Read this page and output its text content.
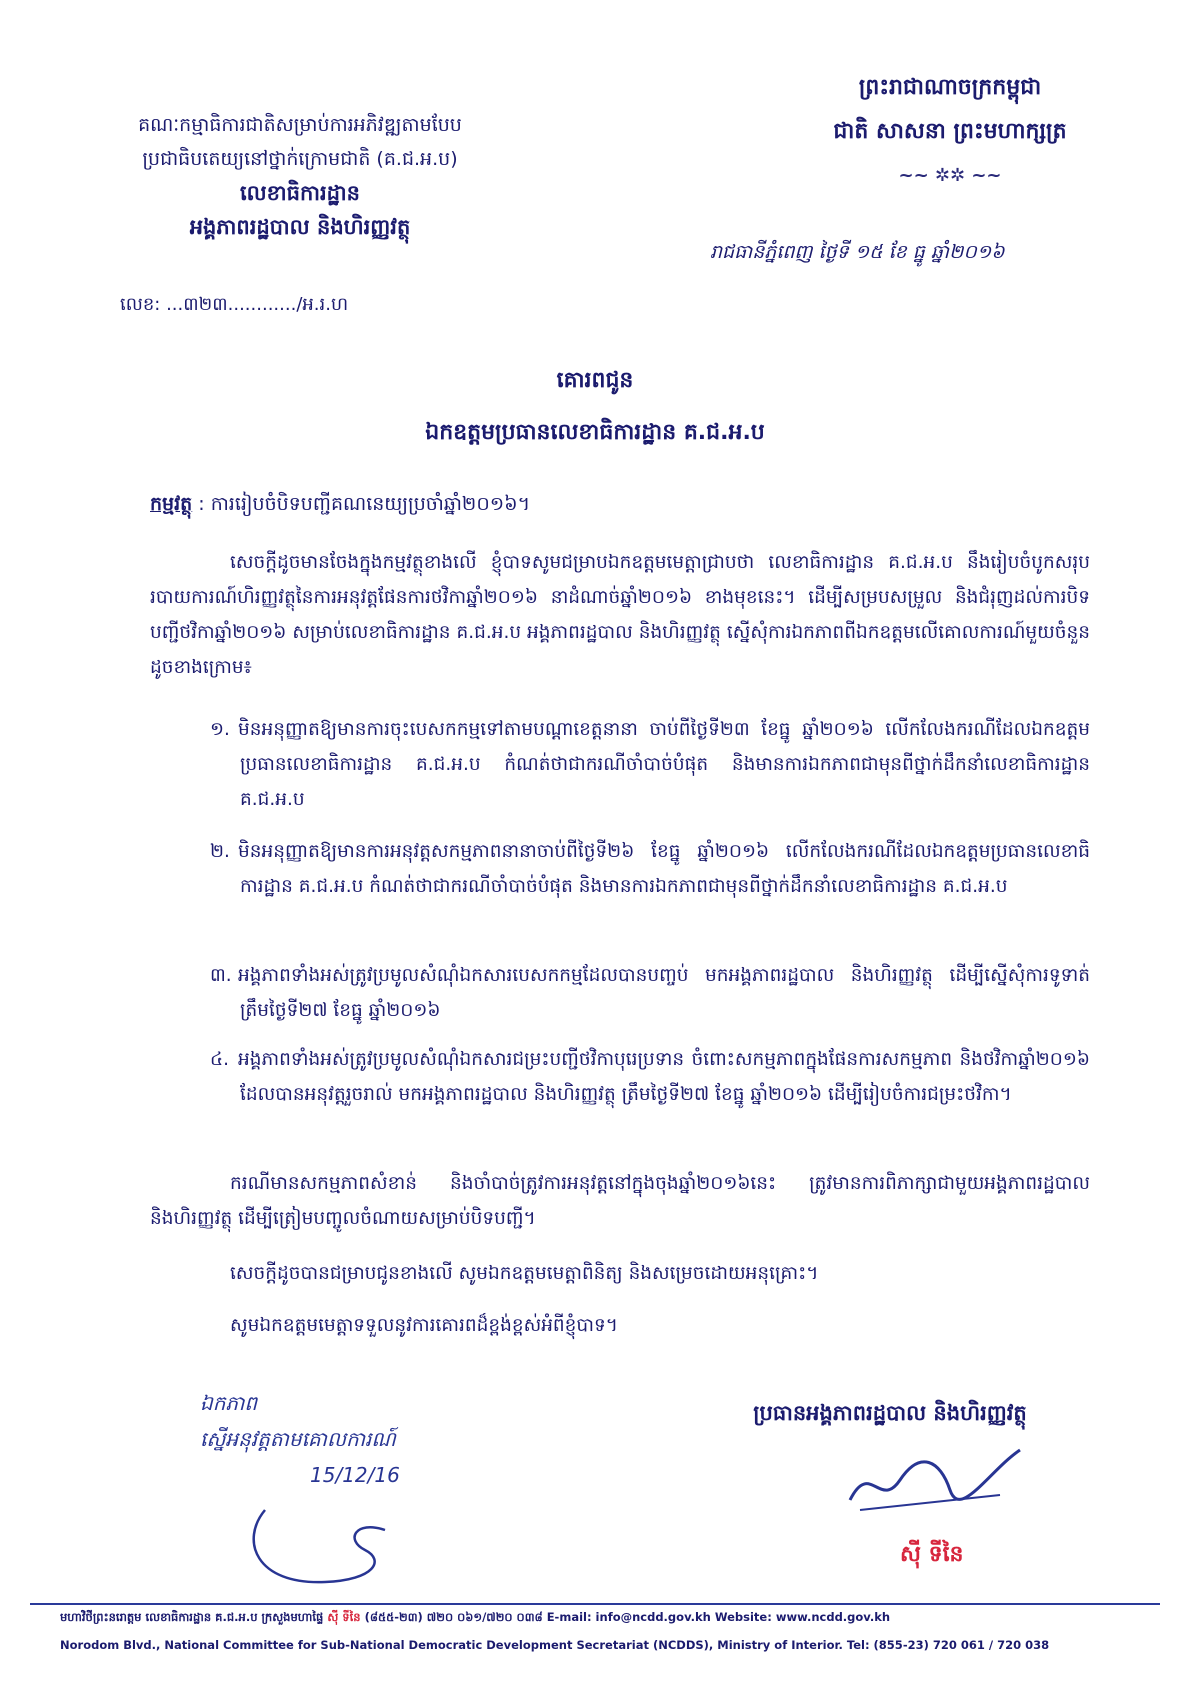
គណៈកម្មាធិការជាតិសម្រាប់ការអភិវឌ្ឍតាមបែប
ប្រជាធិបតេយ្យនៅថ្នាក់ក្រោមជាតិ (គ.ជ.អ.ប)
លេខាធិការដ្ឋាន
អង្គភាពរដ្ឋបាល និងហិរញ្ញវត្ថុ
លេខ: ...៣២៣............/អ.រ.ហ
ព្រះរាជាណាចក្រកម្ពុជា
ជាតិ សាសនា ព្រះមហាក្សត្រ
~~ ✲✲ ~~
រាជធានីភ្នំពេញ ថ្ងៃទី ១៥ ខែ ធ្នូ ឆ្នាំ២០១៦
គោរពជូន
ឯកឧត្តមប្រធានលេខាធិការដ្ឋាន គ.ជ.អ.ប
កម្មវត្ថុ : ការរៀបចំបិទបញ្ជីគណនេយ្យប្រចាំឆ្នាំ២០១៦។
សេចក្តីដូចមានចែងក្នុងកម្មវត្ថុខាងលើ ខ្ញុំបាទសូមជម្រាបឯកឧត្តមមេត្តាជ្រាបថា លេខាធិការដ្ឋាន គ.ជ.អ.ប នឹងរៀបចំបូកសរុបរបាយការណ៍ហិរញ្ញវត្ថុនៃការអនុវត្តផែនការថវិកាឆ្នាំ២០១៦ នាដំណាច់ឆ្នាំ២០១៦ ខាងមុខនេះ។ ដើម្បីសម្របសម្រួល និងជំរុញដល់ការបិទបញ្ជីថវិកាឆ្នាំ២០១៦ សម្រាប់លេខាធិការដ្ឋាន គ.ជ.អ.ប អង្គភាពរដ្ឋបាល និងហិរញ្ញវត្ថុ ស្នើសុំការឯកភាពពីឯកឧត្តមលើគោលការណ៍មួយចំនួន ដូចខាងក្រោម៖
១. មិនអនុញ្ញាតឱ្យមានការចុះបេសកកម្មទៅតាមបណ្តាខេត្តនានា ចាប់ពីថ្ងៃទី២៣ ខែធ្នូ ឆ្នាំ២០១៦ លើកលែងករណីដែលឯកឧត្តមប្រធានលេខាធិការដ្ឋាន គ.ជ.អ.ប កំណត់ថាជាករណីចាំបាច់បំផុត និងមានការឯកភាពជាមុនពីថ្នាក់ដឹកនាំលេខាធិការដ្ឋាន គ.ជ.អ.ប
២. មិនអនុញ្ញាតឱ្យមានការអនុវត្តសកម្មភាពនានាចាប់ពីថ្ងៃទី២៦ ខែធ្នូ ឆ្នាំ២០១៦ លើកលែងករណីដែលឯកឧត្តមប្រធានលេខាធិការដ្ឋាន គ.ជ.អ.ប កំណត់ថាជាករណីចាំបាច់បំផុត និងមានការឯកភាពជាមុនពីថ្នាក់ដឹកនាំលេខាធិការដ្ឋាន គ.ជ.អ.ប
៣. អង្គភាពទាំងអស់ត្រូវប្រមូលសំណុំឯកសារបេសកកម្មដែលបានបញ្ចប់ មកអង្គភាពរដ្ឋបាល និងហិរញ្ញវត្ថុ ដើម្បីស្នើសុំការទូទាត់ ត្រឹមថ្ងៃទី២៧ ខែធ្នូ ឆ្នាំ២០១៦
៤. អង្គភាពទាំងអស់ត្រូវប្រមូលសំណុំឯកសារជម្រះបញ្ជីថវិកាបុរេប្រទាន ចំពោះសកម្មភាពក្នុងផែនការសកម្មភាព និងថវិកាឆ្នាំ២០១៦ ដែលបានអនុវត្តរួចរាល់ មកអង្គភាពរដ្ឋបាល និងហិរញ្ញវត្ថុ ត្រឹមថ្ងៃទី២៧ ខែធ្នូ ឆ្នាំ២០១៦ ដើម្បីរៀបចំការជម្រះថវិកា។
ករណីមានសកម្មភាពសំខាន់ និងចាំបាច់ត្រូវការអនុវត្តនៅក្នុងចុងឆ្នាំ២០១៦នេះ ត្រូវមានការពិភាក្សាជាមួយអង្គភាពរដ្ឋបាល និងហិរញ្ញវត្ថុ ដើម្បីត្រៀមបញ្ចូលចំណាយសម្រាប់បិទបញ្ជី។
សេចក្តីដូចបានជម្រាបជូនខាងលើ សូមឯកឧត្តមមេត្តាពិនិត្យ និងសម្រេចដោយអនុគ្រោះ។
សូមឯកឧត្តមមេត្តាទទួលនូវការគោរពដ៏ខ្ពង់ខ្ពស់អំពីខ្ញុំបាទ។
ប្រធានអង្គភាពរដ្ឋបាល និងហិរញ្ញវត្ថុ
ស៊ី ទីនៃ
ឯកភាព
ស្នើអនុវត្តតាមគោលការណ៍
15/12/16
មហាវិថីព្រះនរោត្តម លេខាធិការដ្ឋាន គ.ជ.អ.ប ក្រសួងមហាផ្ទៃ ស៊ី ទីនៃ (៨៥៥-២៣) ៧២០ ០៦១/៧២០ ០៣៨ E-mail: info@ncdd.gov.kh Website: www.ncdd.gov.kh
Norodom Blvd., National Committee for Sub-National Democratic Development Secretariat (NCDDS), Ministry of Interior. Tel: (855-23) 720 061 / 720 038
